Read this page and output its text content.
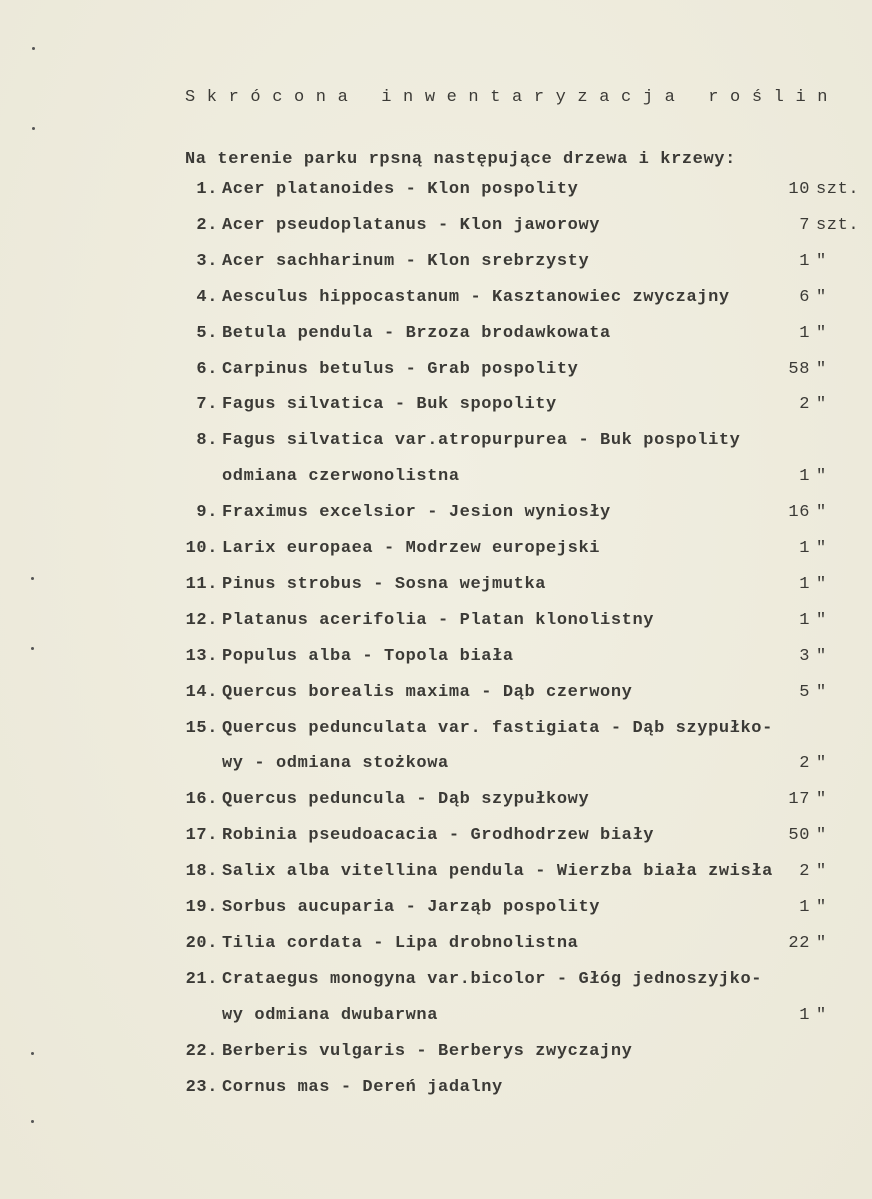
Skrócona inwentaryzacja roślin
Na terenie parku rpsną następujące drzewa i krzewy:
1. Acer platanoides - Klon pospolity	10 szt.
2. Acer pseudoplatanus - Klon jaworowy	7 szt.
3. Acer sachharinum - Klon srebrzysty	1 "
4. Aesculus hippocastanum - Kasztanowiec zwyczajny	6 "
5. Betula pendula - Brzoza brodawkowata	1 "
6. Carpinus betulus - Grab pospolity	58 "
7. Fagus silvatica - Buk spopolity	2 "
8. Fagus silvatica var.atropurpurea - Buk pospolity
odmiana czerwonolistna	1 "
9. Fraximus excelsior - Jesion wyniosły	16 "
10. Larix europaea - Modrzew europejski	1 "
11. Pinus strobus - Sosna wejmutka	1 "
12. Platanus acerifolia - Platan klonolistny	1 "
13. Populus alba - Topola biała	3 "
14. Quercus borealis maxima - Dąb czerwony	5 "
15. Quercus pedunculata var. fastigiata - Dąb szypułko-
wy - odmiana stożkowa	2 "
16. Quercus peduncula - Dąb szypułkowy	17 "
17. Robinia pseudoacacia - Grodhodrzew biały	50 "
18. Salix alba vitellina pendula - Wierzba biała zwisła 2 "
19. Sorbus aucuparia - Jarząb pospolity	1 "
20. Tilia cordata - Lipa drobnolistna	22 "
21. Crataegus monogyna var.bicolor - Głóg jednoszyjko-
wy odmiana dwubarwna	1 "
22. Berberis vulgaris - Berberys zwyczajny
23. Cornus mas - Dereń jadalny
